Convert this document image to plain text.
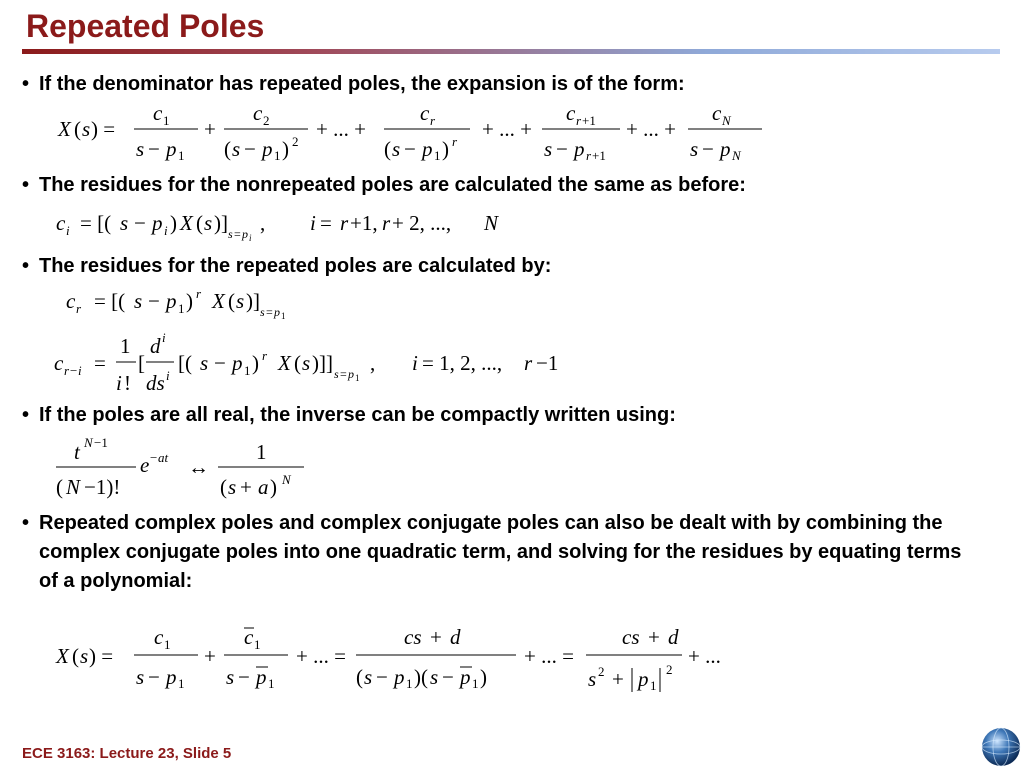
Repeated Poles
• If the denominator has repeated poles, the expansion is of the form:
X ( s ) =
c 1
s − p 1
+
c 2
( s − p 1 ) 2
+ ... +
c r
( s − p 1 ) r
+ ... +
c r +1
s − p r +1
+ ... +
c N
s − p N
• The residues for the nonrepeated poles are calculated the same as before:
c i = [( s − p i ) X ( s )] s = p i
, i = r +1, r + 2, ..., N
• The residues for the repeated poles are calculated by:
c r = [( s − p 1 ) r X ( s )] s = p 1
c r − i =
1
i !
[
d i
ds i
[( s − p 1 ) r X ( s )]] s = p 1
, i = 1, 2, ..., r −1
• If the poles are all real, the inverse can be compactly written using:
t N −1
( N −1)!
e − at ↔
1
( s + a ) N
• Repeated complex poles and complex conjugate poles can also be dealt with by combining the complex conjugate poles into one quadratic term, and solving for the residues by equating terms of a polynomial:
X ( s ) =
c 1
s − p 1
+
c 1
s − p 1
+ ... =
cs + d
( s − p 1 )( s − p 1 )
+ ... =
cs + d
s 2 + p 1
2
+ ...
ECE 3163: Lecture 23, Slide 5
